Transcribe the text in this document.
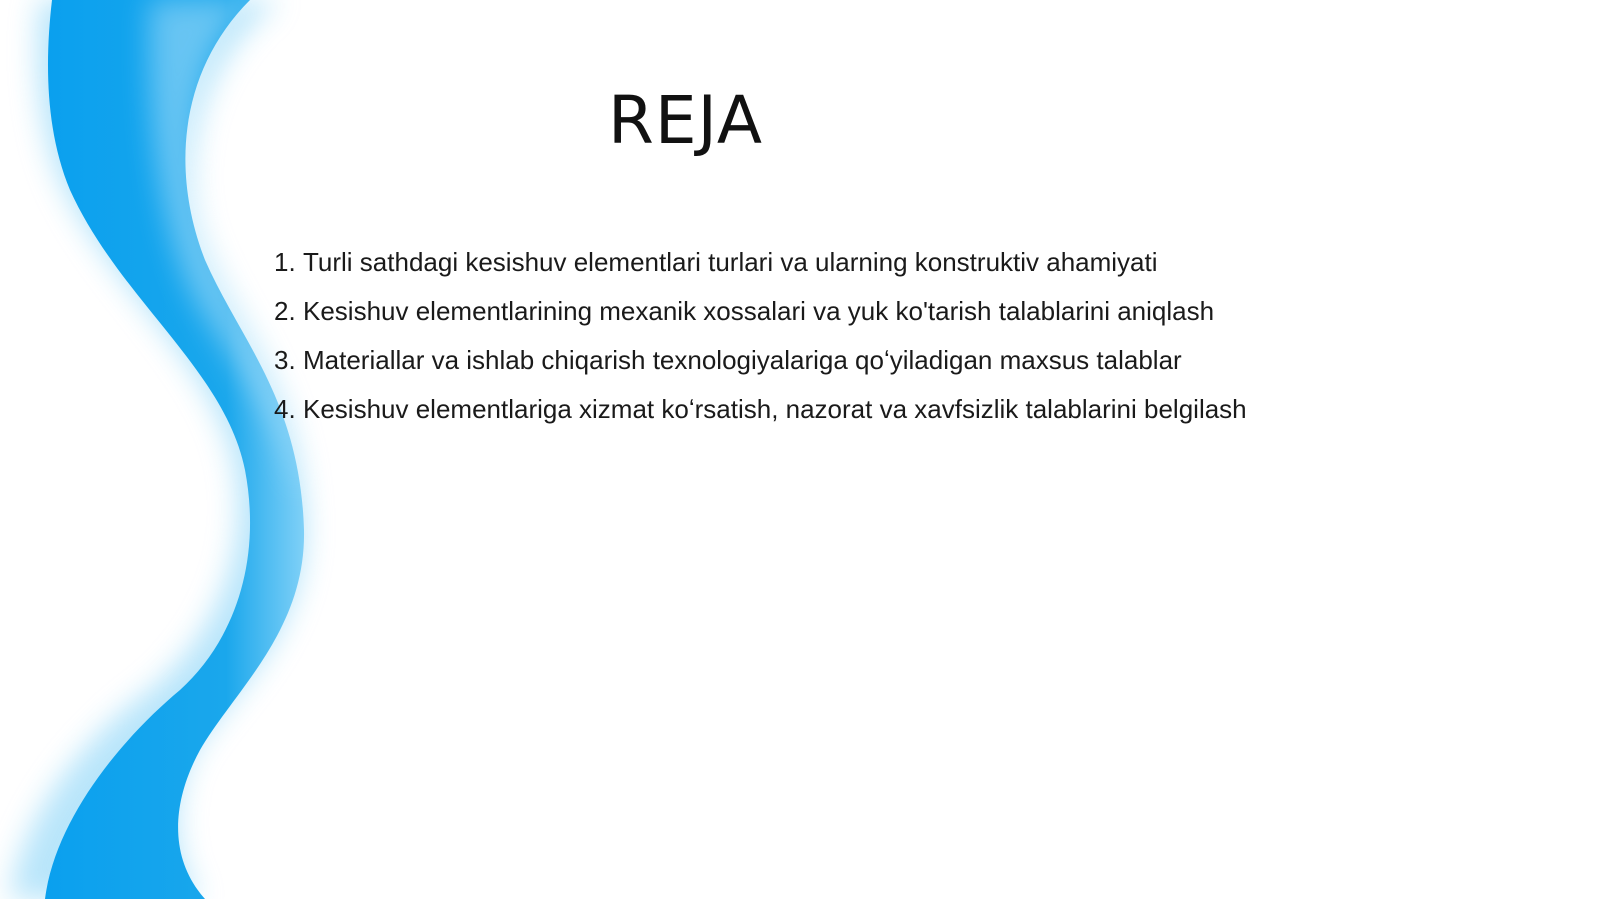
REJA
1. Turli sathdagi kesishuv elementlari turlari va ularning konstruktiv ahamiyati
2. Kesishuv elementlarining mexanik xossalari va yuk ko'tarish talablarini aniqlash
3. Materiallar va ishlab chiqarish texnologiyalariga qoʻyiladigan maxsus talablar
4. Kesishuv elementlariga xizmat koʻrsatish, nazorat va xavfsizlik talablarini belgilash
